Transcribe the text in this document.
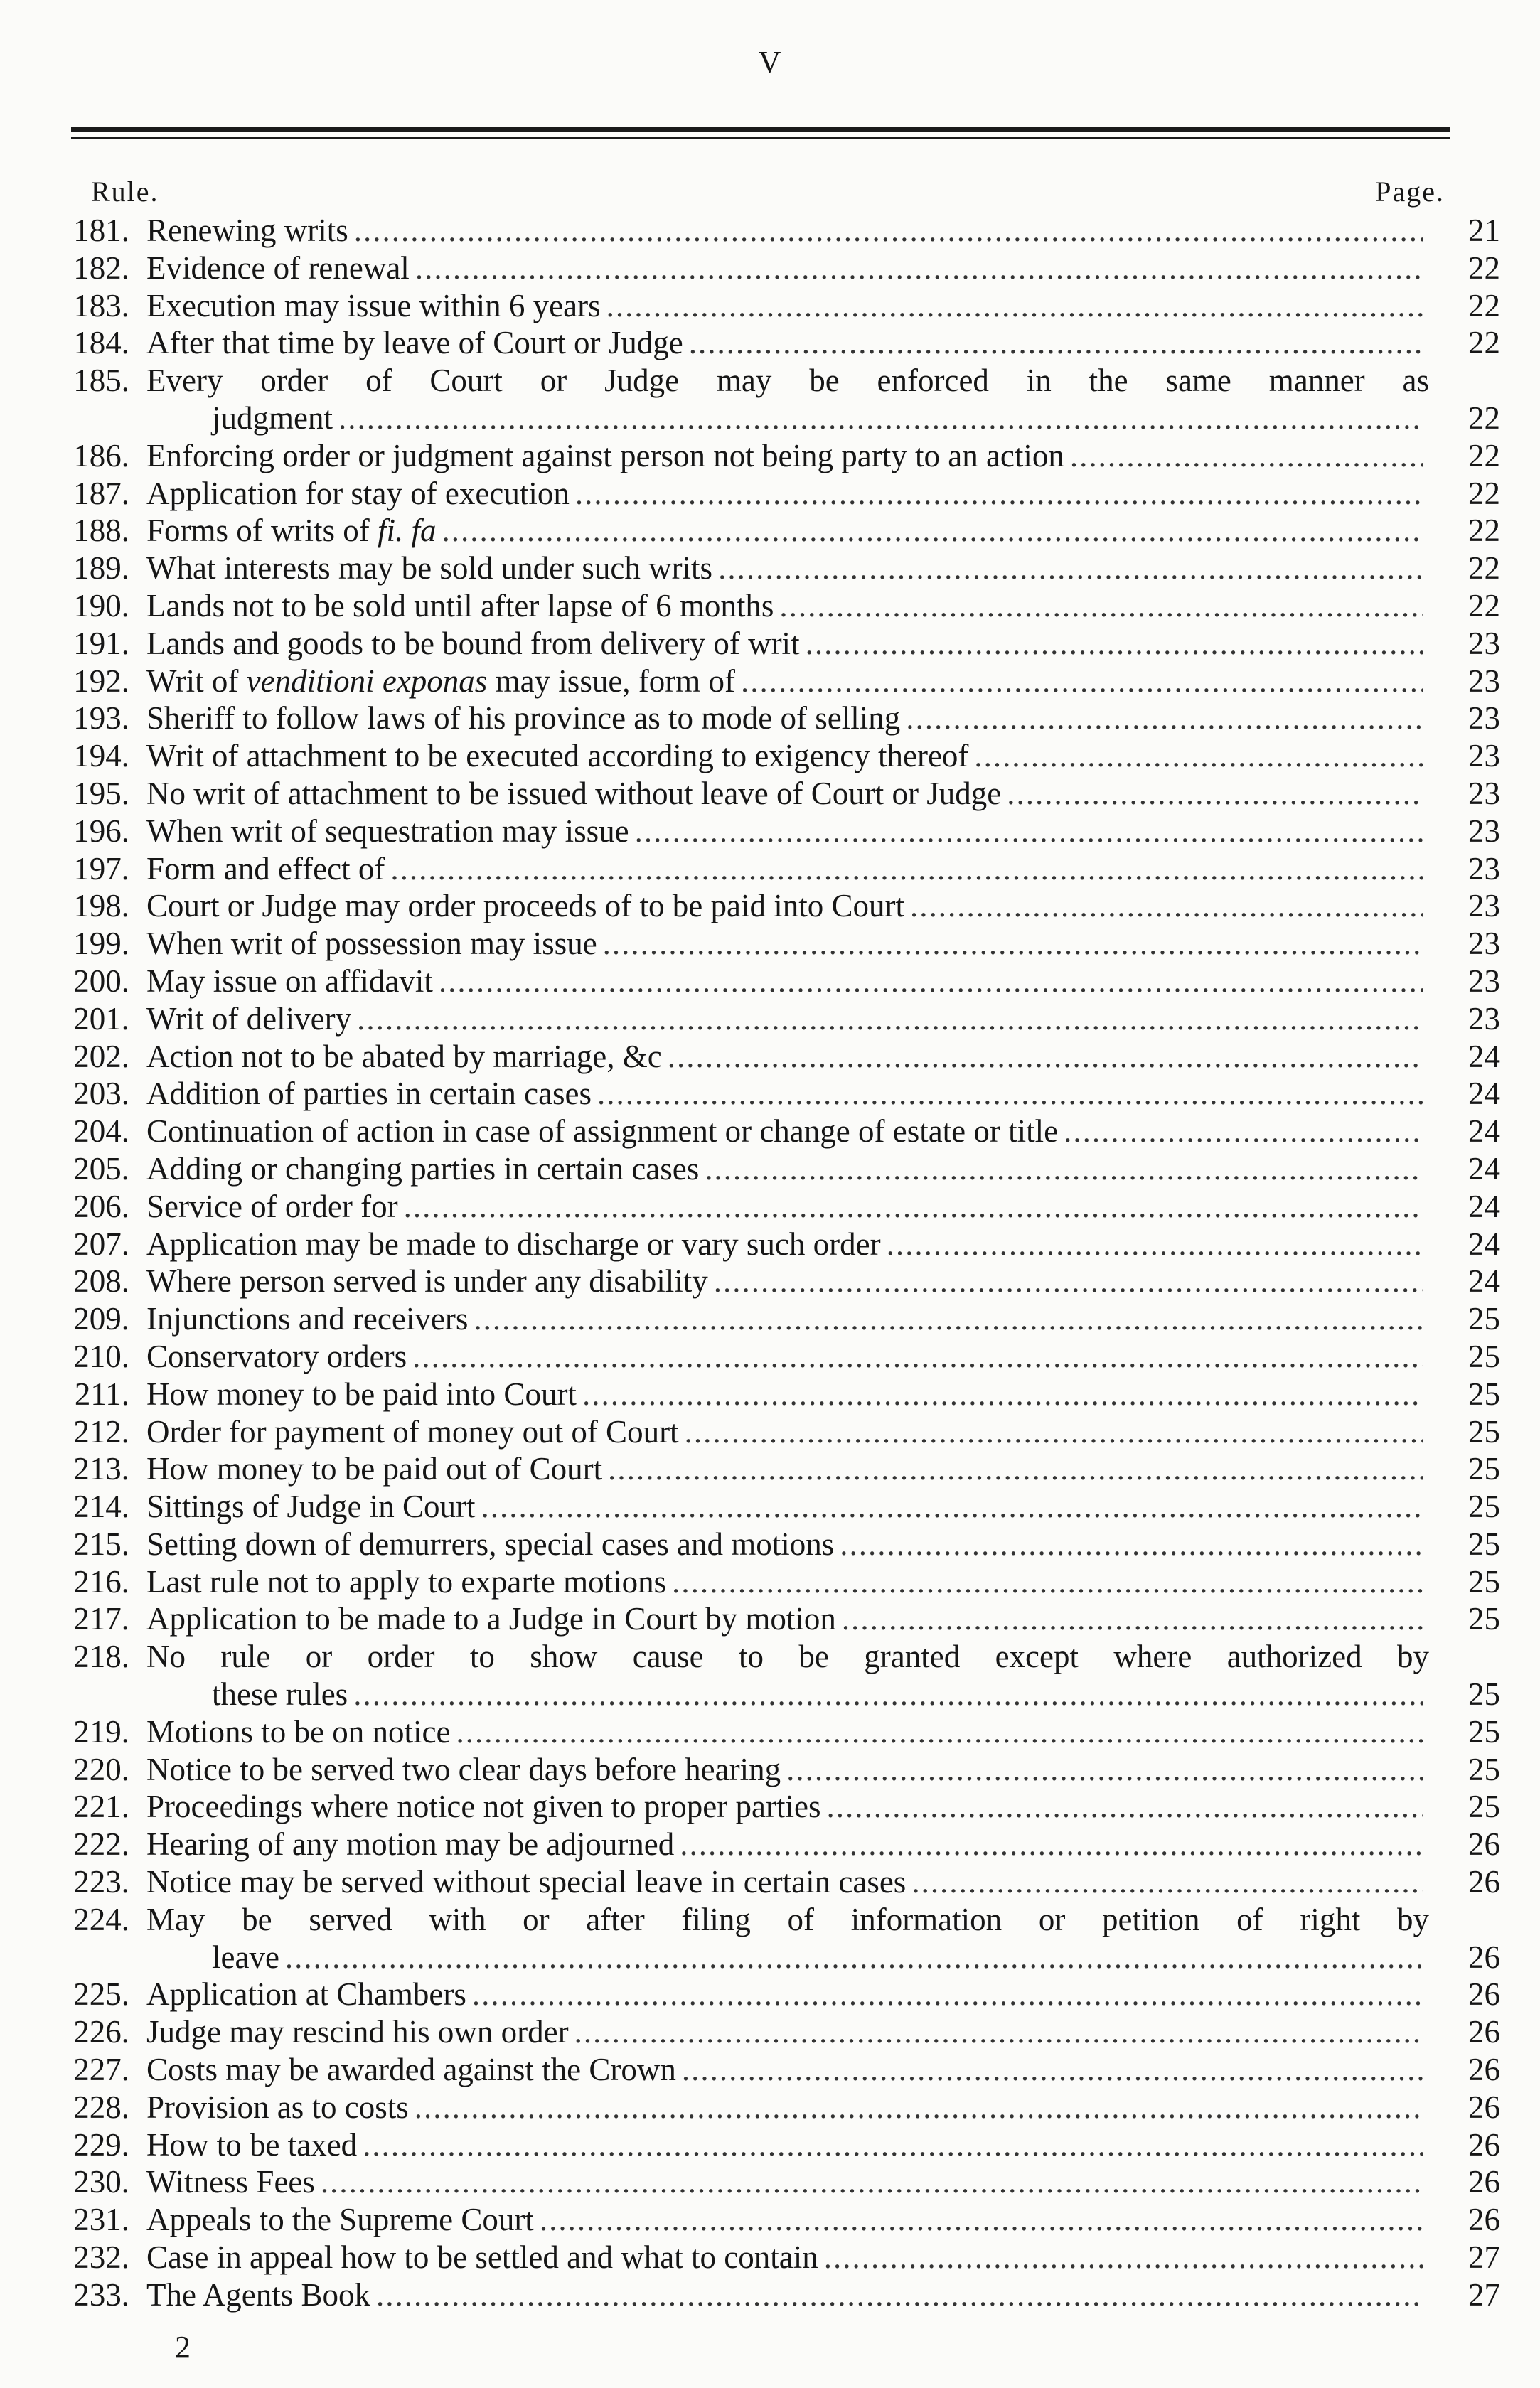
V
Rule.	Page.
181. Renewing writs .....	21
182. Evidence of renewal .....	22
183. Execution may issue within 6 years .....	22
184. After that time by leave of Court or Judge .....	22
185. Every order of Court or Judge may be enforced in the same manner as
judgment .....	22
186. Enforcing order or judgment against person not being party to an action .....	22
187. Application for stay of execution .....	22
188. Forms of writs of fi. fa .....	22
189. What interests may be sold under such writs .....	22
190. Lands not to be sold until after lapse of 6 months .....	22
191. Lands and goods to be bound from delivery of writ .....	23
192. Writ of venditioni exponas may issue, form of .....	23
193. Sheriff to follow laws of his province as to mode of selling .....	23
194. Writ of attachment to be executed according to exigency thereof .....	23
195. No writ of attachment to be issued without leave of Court or Judge .....	23
196. When writ of sequestration may issue .....	23
197. Form and effect of .....	23
198. Court or Judge may order proceeds of to be paid into Court .....	23
199. When writ of possession may issue .....	23
200. May issue on affidavit .....	23
201. Writ of delivery .....	23
202. Action not to be abated by marriage, &c .....	24
203. Addition of parties in certain cases .....	24
204. Continuation of action in case of assignment or change of estate or title .....	24
205. Adding or changing parties in certain cases .....	24
206. Service of order for .....	24
207. Application may be made to discharge or vary such order .....	24
208. Where person served is under any disability .....	24
209. Injunctions and receivers .....	25
210. Conservatory orders .....	25
211. How money to be paid into Court .....	25
212. Order for payment of money out of Court .....	25
213. How money to be paid out of Court .....	25
214. Sittings of Judge in Court .....	25
215. Setting down of demurrers, special cases and motions .....	25
216. Last rule not to apply to exparte motions .....	25
217. Application to be made to a Judge in Court by motion .....	25
218. No rule or order to show cause to be granted except where authorized by
these rules .....	25
219. Motions to be on notice .....	25
220. Notice to be served two clear days before hearing .....	25
221. Proceedings where notice not given to proper parties .....	25
222. Hearing of any motion may be adjourned .....	26
223. Notice may be served without special leave in certain cases .....	26
224. May be served with or after filing of information or petition of right by
leave .....	26
225. Application at Chambers .....	26
226. Judge may rescind his own order .....	26
227. Costs may be awarded against the Crown .....	26
228. Provision as to costs .....	26
229. How to be taxed .....	26
230. Witness Fees .....	26
231. Appeals to the Supreme Court .....	26
232. Case in appeal how to be settled and what to contain .....	27
233. The Agents Book .....	27
2
